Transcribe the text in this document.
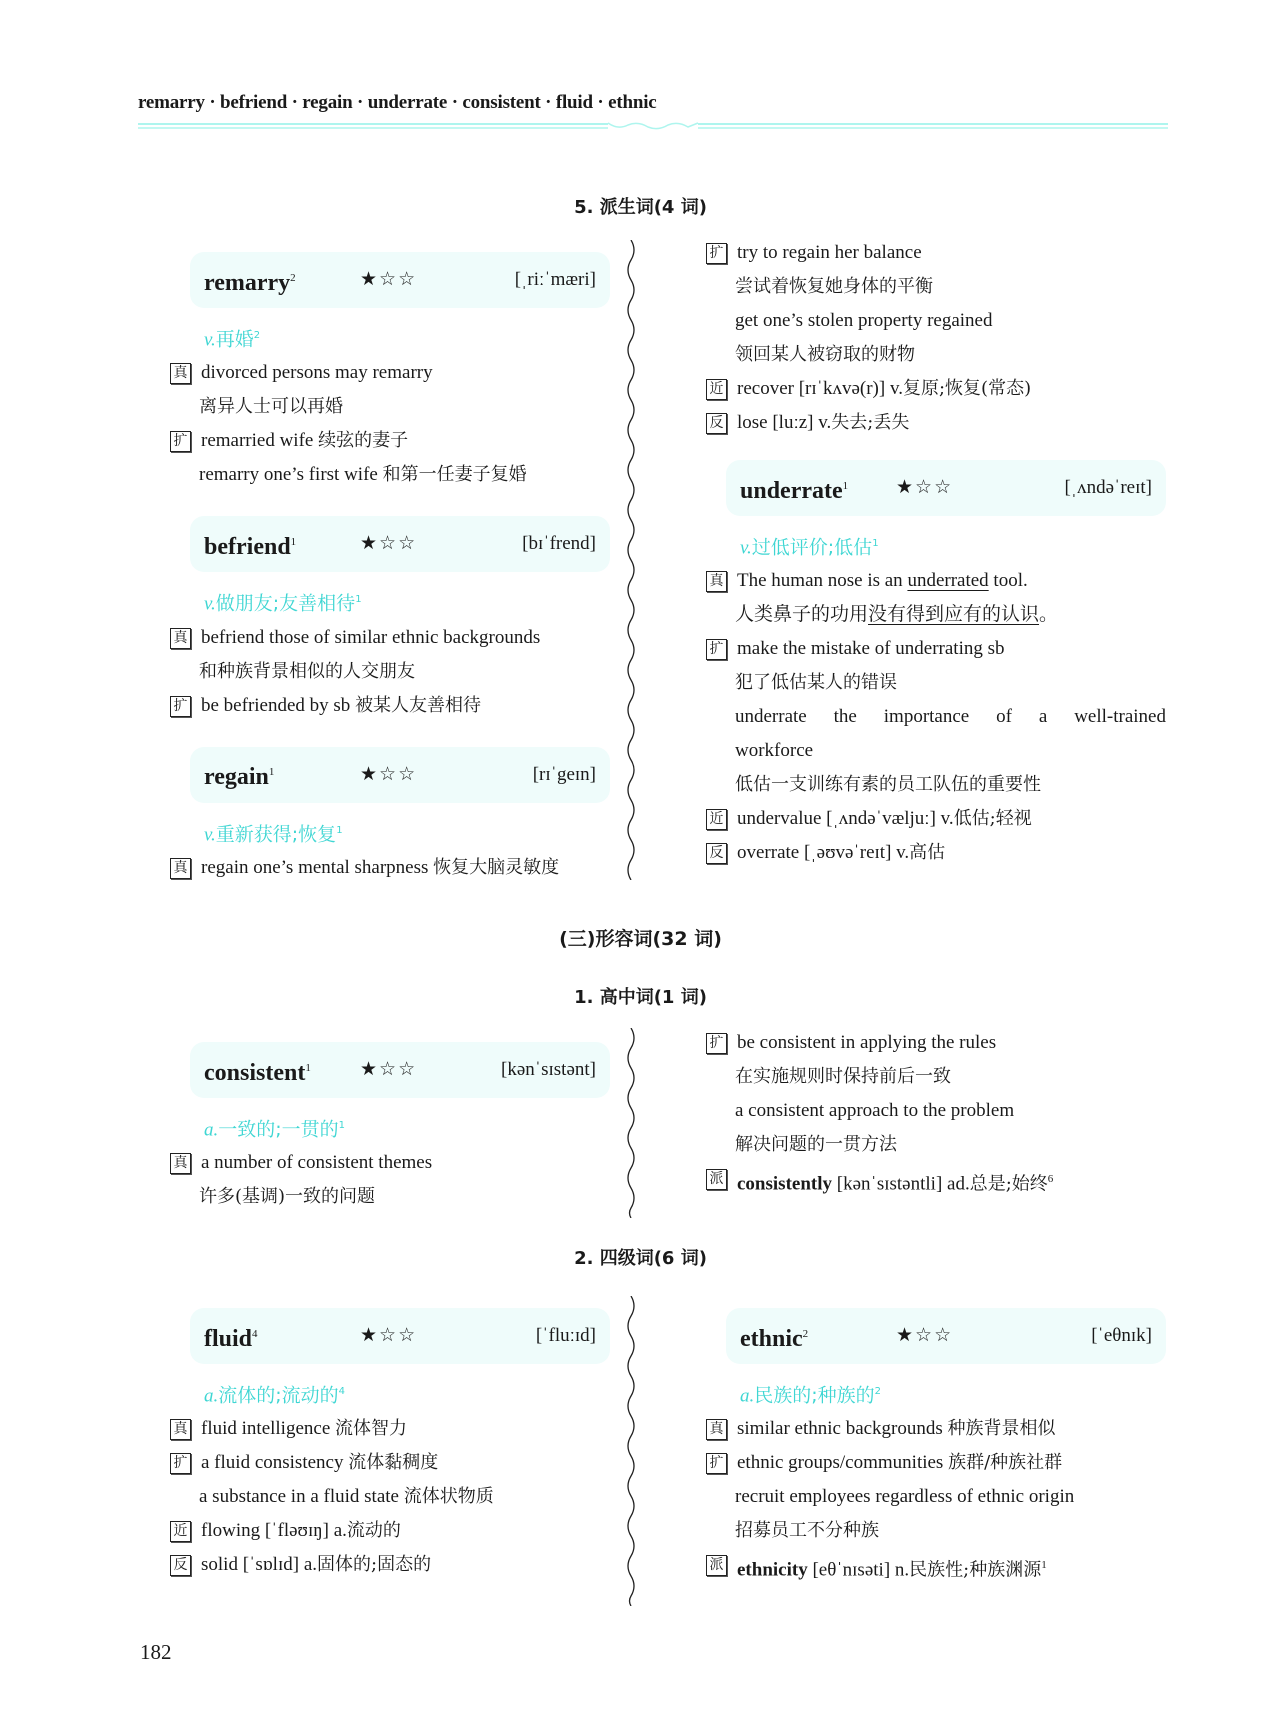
remarry · befriend · regain · underrate · consistent · fluid · ethnic
5. 派生词(4 词)
remarry$^2$	★☆☆	[ˌriːˈmæri]
v.再婚$^2$
真 divorced persons may remarry
离异人士可以再婚
扩 remarried wife 续弦的妻子
remarry one’s first wife 和第一任妻子复婚
befriend$^1$	★☆☆	[bɪˈfrend]
v.做朋友;友善相待$^1$
真 befriend those of similar ethnic backgrounds
和种族背景相似的人交朋友
扩 be befriended by sb 被某人友善相待
regain$^1$	★☆☆	[rɪˈgeɪn]
v.重新获得;恢复$^1$
真 regain one’s mental sharpness 恢复大脑灵敏度
扩 try to regain her balance
尝试着恢复她身体的平衡
get one’s stolen property regained
领回某人被窃取的财物
近 recover [rɪˈkʌvə(r)] v.复原;恢复(常态)
反 lose [luːz] v.失去;丢失
underrate$^1$	★☆☆	[ˌʌndəˈreɪt]
v.过低评价;低估$^1$
真 The human nose is an underrated tool.
人类鼻子的功用没有得到应有的认识。
扩 make the mistake of underrating sb
犯了低估某人的错误
underrate the importance of a well-trained
workforce
低估一支训练有素的员工队伍的重要性
近 undervalue [ˌʌndəˈvæljuː] v.低估;轻视
反 overrate [ˌəʊvəˈreɪt] v.高估
(三)形容词(32 词)
1. 高中词(1 词)
consistent$^1$	★☆☆	[kənˈsɪstənt]
a.一致的;一贯的$^1$
真 a number of consistent themes
许多(基调)一致的问题
扩 be consistent in applying the rules
在实施规则时保持前后一致
a consistent approach to the problem
解决问题的一贯方法
派 consistently [kənˈsɪstəntli] ad.总是;始终$^6$
2. 四级词(6 词)
fluid$^4$	★☆☆	[ˈfluːɪd]
a.流体的;流动的$^4$
真 fluid intelligence 流体智力
扩 a fluid consistency 流体黏稠度
a substance in a fluid state 流体状物质
近 flowing [ˈfləʊɪŋ] a.流动的
反 solid [ˈsɒlɪd] a.固体的;固态的
ethnic$^2$	★☆☆	[ˈeθnɪk]
a.民族的;种族的$^2$
真 similar ethnic backgrounds 种族背景相似
扩 ethnic groups/communities 族群/种族社群
recruit employees regardless of ethnic origin
招募员工不分种族
派 ethnicity [eθˈnɪsəti] n.民族性;种族渊源$^1$
182
